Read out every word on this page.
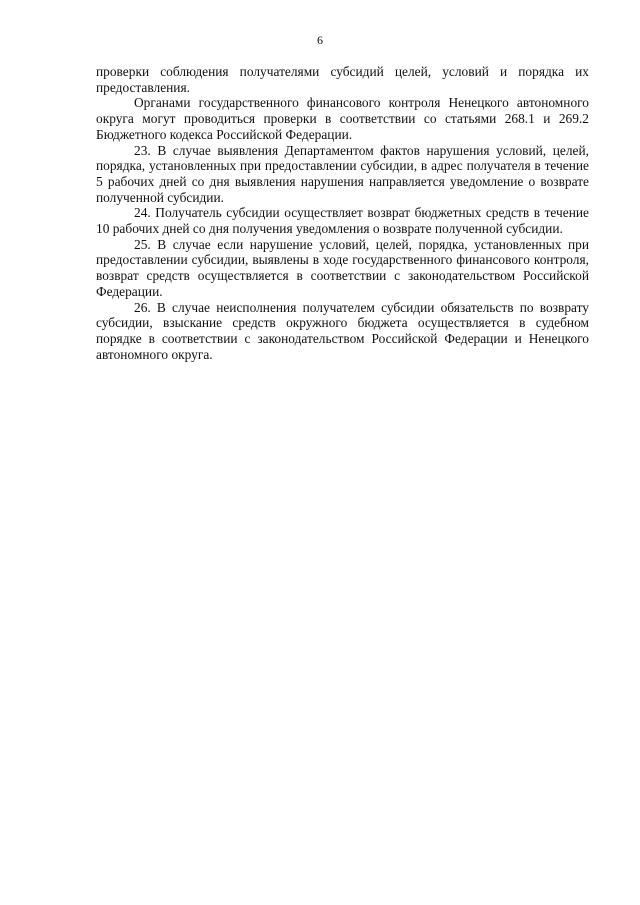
6

проверки соблюдения получателями субсидий целей, условий и порядка их предоставления.

Органами государственного финансового контроля Ненецкого автономного округа могут проводиться проверки в соответствии со статьями 268.1 и 269.2 Бюджетного кодекса Российской Федерации.

23. В случае выявления Департаментом фактов нарушения условий, целей, порядка, установленных при предоставлении субсидии, в адрес получателя в течение 5 рабочих дней со дня выявления нарушения направляется уведомление о возврате полученной субсидии.

24. Получатель субсидии осуществляет возврат бюджетных средств в течение 10 рабочих дней со дня получения уведомления о возврате полученной субсидии.

25. В случае если нарушение условий, целей, порядка, установленных при предоставлении субсидии, выявлены в ходе государственного финансового контроля, возврат средств осуществляется в соответствии с законодательством Российской Федерации.

26. В случае неисполнения получателем субсидии обязательств по возврату субсидии, взыскание средств окружного бюджета осуществляется в судебном порядке в соответствии с законодательством Российской Федерации и Ненецкого автономного округа.
